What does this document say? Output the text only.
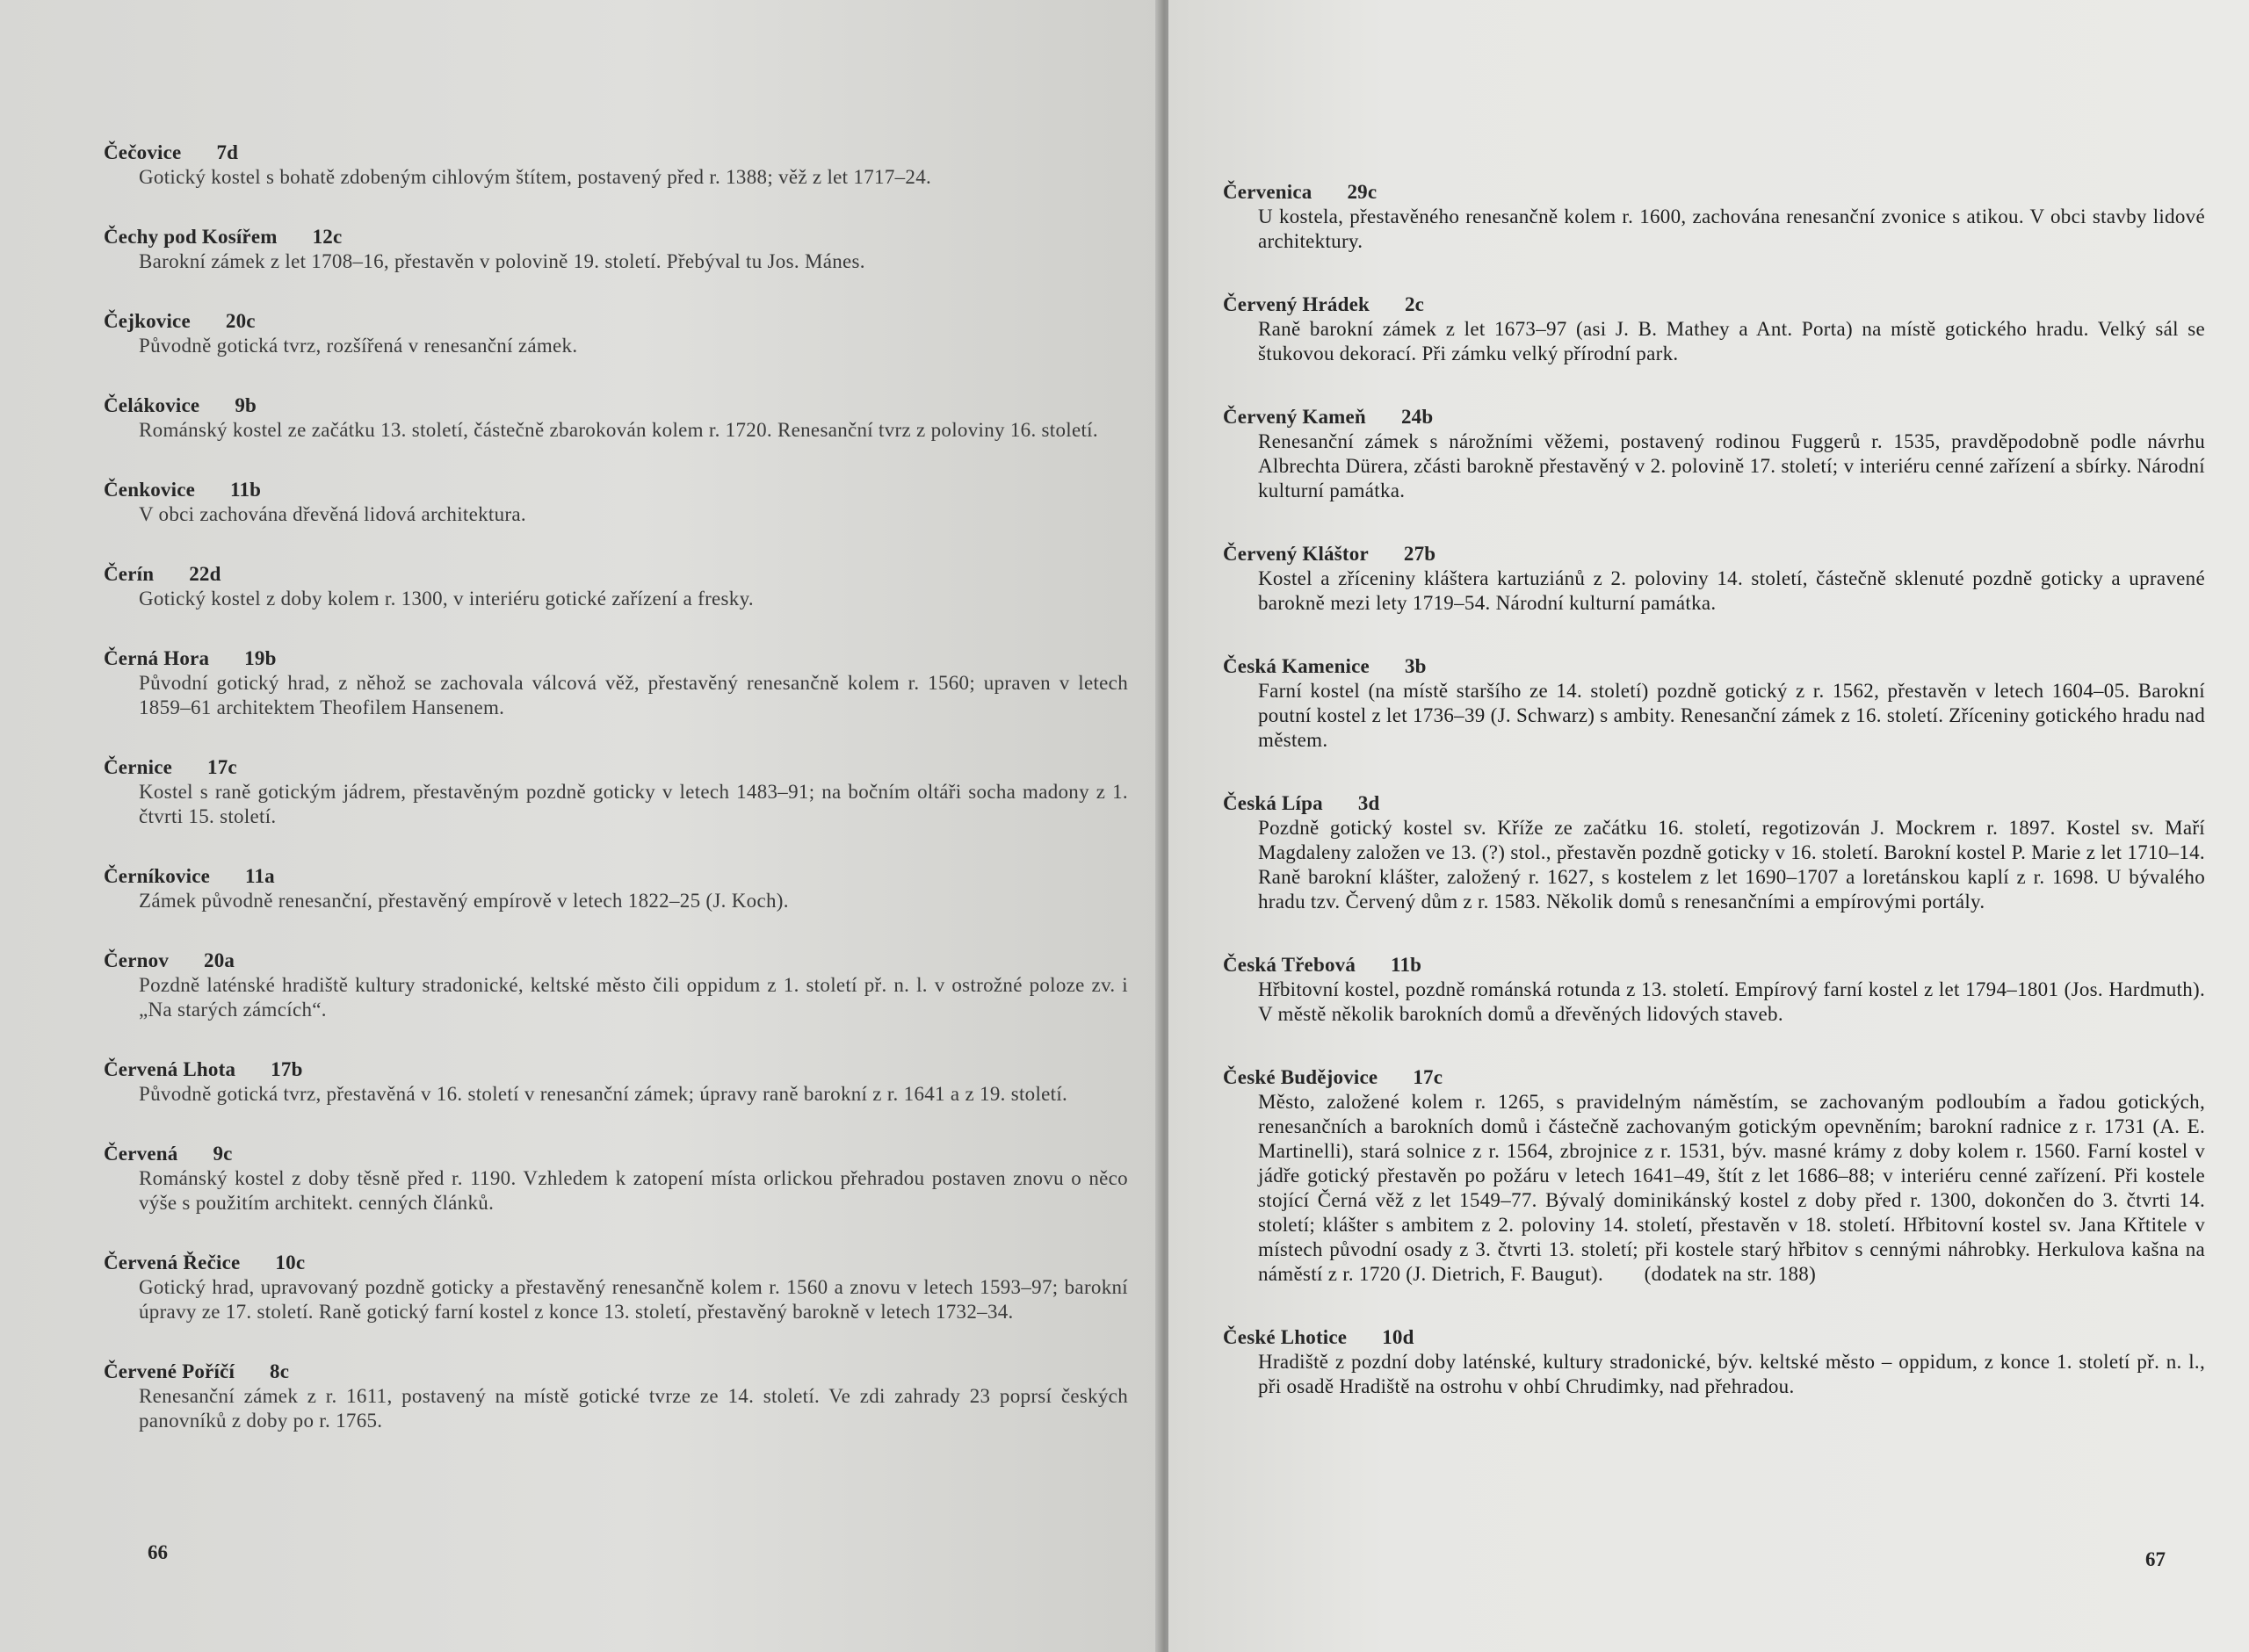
Čečovice 7d
Gotický kostel s bohatě zdobeným cihlovým štítem, postavený před r. 1388; věž z let 1717–24.
Čechy pod Kosířem 12c
Barokní zámek z let 1708–16, přestavěn v polovině 19. století. Přebýval tu Jos. Mánes.
Čejkovice 20c
Původně gotická tvrz, rozšířená v renesanční zámek.
Čelákovice 9b
Románský kostel ze začátku 13. století, částečně zbarokován kolem r. 1720. Renesanční tvrz z poloviny 16. století.
Čenkovice 11b
V obci zachována dřevěná lidová architektura.
Čerín 22d
Gotický kostel z doby kolem r. 1300, v interiéru gotické zařízení a fresky.
Černá Hora 19b
Původní gotický hrad, z něhož se zachovala válcová věž, přestavěný renesančně kolem r. 1560; upraven v letech 1859–61 architektem Theofilem Hansenem.
Černice 17c
Kostel s raně gotickým jádrem, přestavěným pozdně goticky v letech 1483–91; na bočním oltáři socha madony z 1. čtvrti 15. století.
Černíkovice 11a
Zámek původně renesanční, přestavěný empírově v letech 1822–25 (J. Koch).
Černov 20a
Pozdně laténské hradiště kultury stradonické, keltské město čili oppidum z 1. století př. n. l. v ostrožné poloze zv. i „Na starých zámcích“.
Červená Lhota 17b
Původně gotická tvrz, přestavěná v 16. století v renesanční zámek; úpravy raně barokní z r. 1641 a z 19. století.
Červená 9c
Románský kostel z doby těsně před r. 1190. Vzhledem k zatopení místa orlickou přehradou postaven znovu o něco výše s použitím architekt. cenných článků.
Červená Řečice 10c
Gotický hrad, upravovaný pozdně goticky a přestavěný renesančně kolem r. 1560 a znovu v letech 1593–97; barokní úpravy ze 17. století. Raně gotický farní kostel z konce 13. století, přestavěný barokně v letech 1732–34.
Červené Poříčí 8c
Renesanční zámek z r. 1611, postavený na místě gotické tvrze ze 14. století. Ve zdi zahrady 23 poprsí českých panovníků z doby po r. 1765.
66
Červenica 29c
U kostela, přestavěného renesančně kolem r. 1600, zachována renesanční zvonice s atikou. V obci stavby lidové architektury.
Červený Hrádek 2c
Raně barokní zámek z let 1673–97 (asi J. B. Mathey a Ant. Porta) na místě gotického hradu. Velký sál se štukovou dekorací. Při zámku velký přírodní park.
Červený Kameň 24b
Renesanční zámek s nárožními věžemi, postavený rodinou Fuggerů r. 1535, pravděpodobně podle návrhu Albrechta Dürera, zčásti barokně přestavěný v 2. polovině 17. století; v interiéru cenné zařízení a sbírky. Národní kulturní památka.
Červený Kláštor 27b
Kostel a zříceniny kláštera kartuziánů z 2. poloviny 14. století, částečně sklenuté pozdně goticky a upravené barokně mezi lety 1719–54. Národní kulturní památka.
Česká Kamenice 3b
Farní kostel (na místě staršího ze 14. století) pozdně gotický z r. 1562, přestavěn v letech 1604–05. Barokní poutní kostel z let 1736–39 (J. Schwarz) s ambity. Renesanční zámek z 16. století. Zříceniny gotického hradu nad městem.
Česká Lípa 3d
Pozdně gotický kostel sv. Kříže ze začátku 16. století, regotizován J. Mockrem r. 1897. Kostel sv. Maří Magdaleny založen ve 13. (?) stol., přestavěn pozdně goticky v 16. století. Barokní kostel P. Marie z let 1710–14. Raně barokní klášter, založený r. 1627, s kostelem z let 1690–1707 a loretánskou kaplí z r. 1698. U bývalého hradu tzv. Červený dům z r. 1583. Několik domů s renesančními a empírovými portály.
Česká Třebová 11b
Hřbitovní kostel, pozdně románská rotunda z 13. století. Empírový farní kostel z let 1794–1801 (Jos. Hardmuth). V městě několik barokních domů a dřevěných lidových staveb.
České Budějovice 17c
Město, založené kolem r. 1265, s pravidelným náměstím, se zachovaným podloubím a řadou gotických, renesančních a barokních domů i částečně zachovaným gotickým opevněním; barokní radnice z r. 1731 (A. E. Martinelli), stará solnice z r. 1564, zbrojnice z r. 1531, býv. masné krámy z doby kolem r. 1560. Farní kostel v jádře gotický přestavěn po požáru v letech 1641–49, štít z let 1686–88; v interiéru cenné zařízení. Při kostele stojící Černá věž z let 1549–77. Bývalý dominikánský kostel z doby před r. 1300, dokončen do 3. čtvrti 14. století; klášter s ambitem z 2. poloviny 14. století, přestavěn v 18. století. Hřbitovní kostel sv. Jana Křtitele v místech původní osady z 3. čtvrti 13. století; při kostele starý hřbitov s cennými náhrobky. Herkulova kašna na náměstí z r. 1720 (J. Dietrich, F. Baugut).   (dodatek na str. 188)
České Lhotice 10d
Hradiště z pozdní doby laténské, kultury stradonické, býv. keltské město – oppidum, z konce 1. století př. n. l., při osadě Hradiště na ostrohu v ohbí Chrudimky, nad přehradou.
67
